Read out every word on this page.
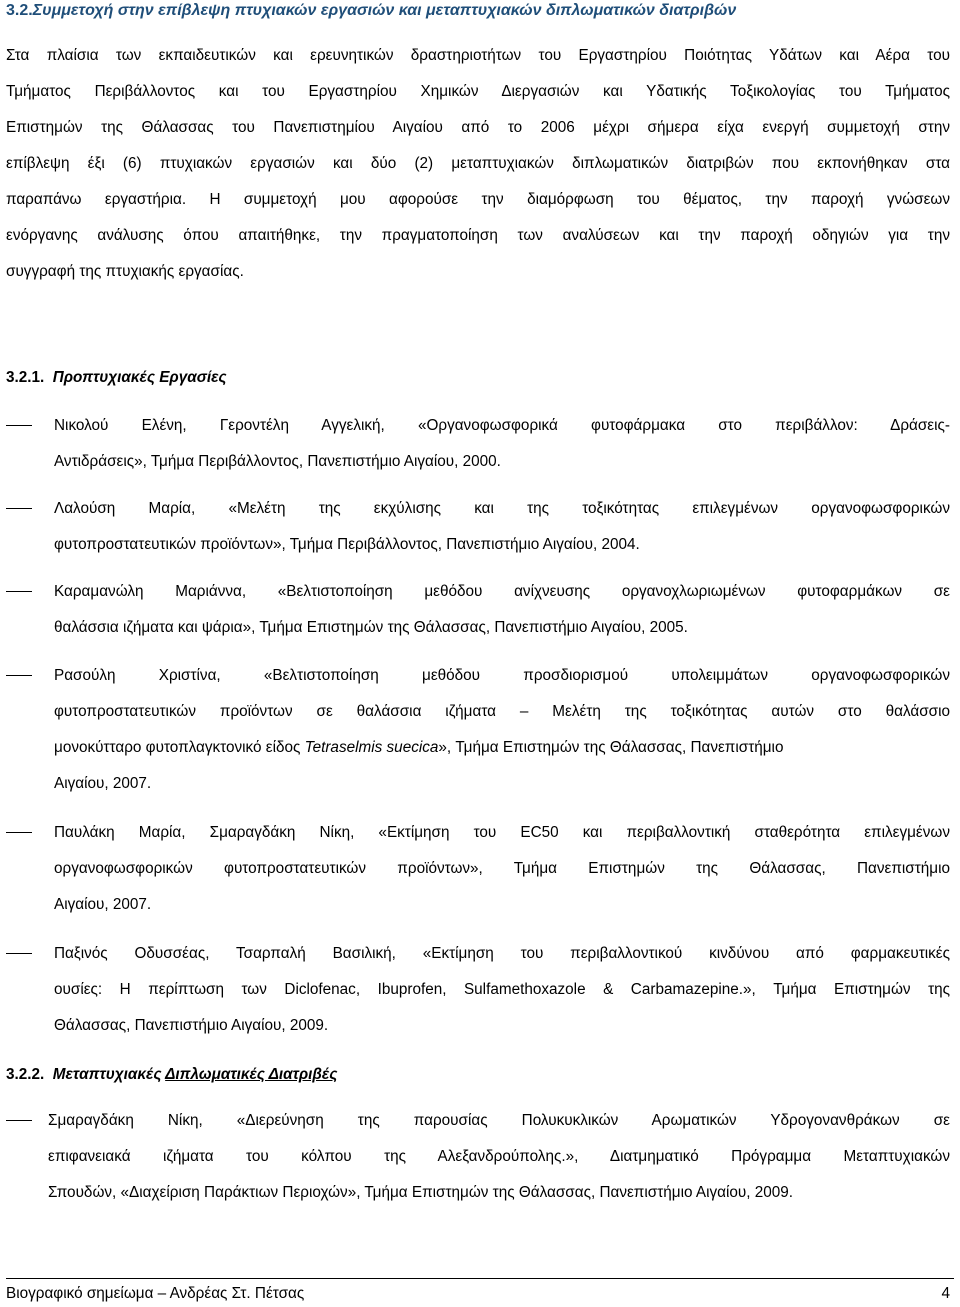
3.2.Συμμετοχή στην επίβλεψη πτυχιακών εργασιών και μεταπτυχιακών διπλωματικών διατριβών
Στα πλαίσια των εκπαιδευτικών και ερευνητικών δραστηριοτήτων του Εργαστηρίου Ποιότητας Υδάτων και Αέρα του
Τμήματος Περιβάλλοντος και του Εργαστηρίου Χημικών Διεργασιών και Υδατικής Τοξικολογίας του Τμήματος
Επιστημών της Θάλασσας του Πανεπιστημίου Αιγαίου από το 2006 μέχρι σήμερα είχα ενεργή συμμετοχή στην
επίβλεψη έξι (6) πτυχιακών εργασιών και δύο (2) μεταπτυχιακών διπλωματικών διατριβών που εκπονήθηκαν στα
παραπάνω εργαστήρια. Η συμμετοχή μου αφορούσε την διαμόρφωση του θέματος, την παροχή γνώσεων
ενόργανης ανάλυσης όπου απαιτήθηκε, την πραγματοποίηση των αναλύσεων και την παροχή οδηγιών για την
συγγραφή της πτυχιακής εργασίας.
3.2.1. Προπτυχιακές Εργασίες
Νικολού Ελένη, Γεροντέλη Αγγελική, «Οργανοφωσφορικά φυτοφάρμακα στο περιβάλλον: Δράσεις-
Αντιδράσεις», Τμήμα Περιβάλλοντος, Πανεπιστήμιο Αιγαίου, 2000.
Λαλούση Μαρία, «Μελέτη της εκχύλισης και της τοξικότητας επιλεγμένων οργανοφωσφορικών
φυτοπροστατευτικών προϊόντων», Τμήμα Περιβάλλοντος, Πανεπιστήμιο Αιγαίου, 2004.
Καραμανώλη Μαριάννα, «Βελτιστοποίηση μεθόδου ανίχνευσης οργανοχλωριωμένων φυτοφαρμάκων σε
θαλάσσια ιζήματα και ψάρια», Τμήμα Επιστημών της Θάλασσας, Πανεπιστήμιο Αιγαίου, 2005.
Ρασούλη Χριστίνα, «Βελτιστοποίηση μεθόδου προσδιορισμού υπολειμμάτων οργανοφωσφορικών
φυτοπροστατευτικών προϊόντων σε θαλάσσια ιζήματα – Μελέτη της τοξικότητας αυτών στο θαλάσσιο
μονοκύτταρο φυτοπλαγκτονικό είδος Tetraselmis suecica», Τμήμα Επιστημών της Θάλασσας, Πανεπιστήμιο
Αιγαίου, 2007.
Παυλάκη Μαρία, Σμαραγδάκη Νίκη, «Εκτίμηση του EC50 και περιβαλλοντική σταθερότητα επιλεγμένων
οργανοφωσφορικών φυτοπροστατευτικών προϊόντων», Τμήμα Επιστημών της Θάλασσας, Πανεπιστήμιο
Αιγαίου, 2007.
Παξινός Οδυσσέας, Τσαρπαλή Βασιλική, «Εκτίμηση του περιβαλλοντικού κινδύνου από φαρμακευτικές
ουσίες: Η περίπτωση των Diclofenac, Ibuprofen, Sulfamethoxazole & Carbamazepine.», Τμήμα Επιστημών της
Θάλασσας, Πανεπιστήμιο Αιγαίου, 2009.
3.2.2. Μεταπτυχιακές Διπλωματικές Διατριβές
Σμαραγδάκη Νίκη, «Διερεύνηση της παρουσίας Πολυκυκλικών Αρωματικών Υδρογονανθράκων σε
επιφανειακά ιζήματα του κόλπου της Αλεξανδρούπολης.», Διατμηματικό Πρόγραμμα Μεταπτυχιακών
Σπουδών, «Διαχείριση Παράκτιων Περιοχών», Τμήμα Επιστημών της Θάλασσας, Πανεπιστήμιο Αιγαίου, 2009.
Βιογραφικό σημείωμα – Ανδρέας Στ. Πέτσας	4
